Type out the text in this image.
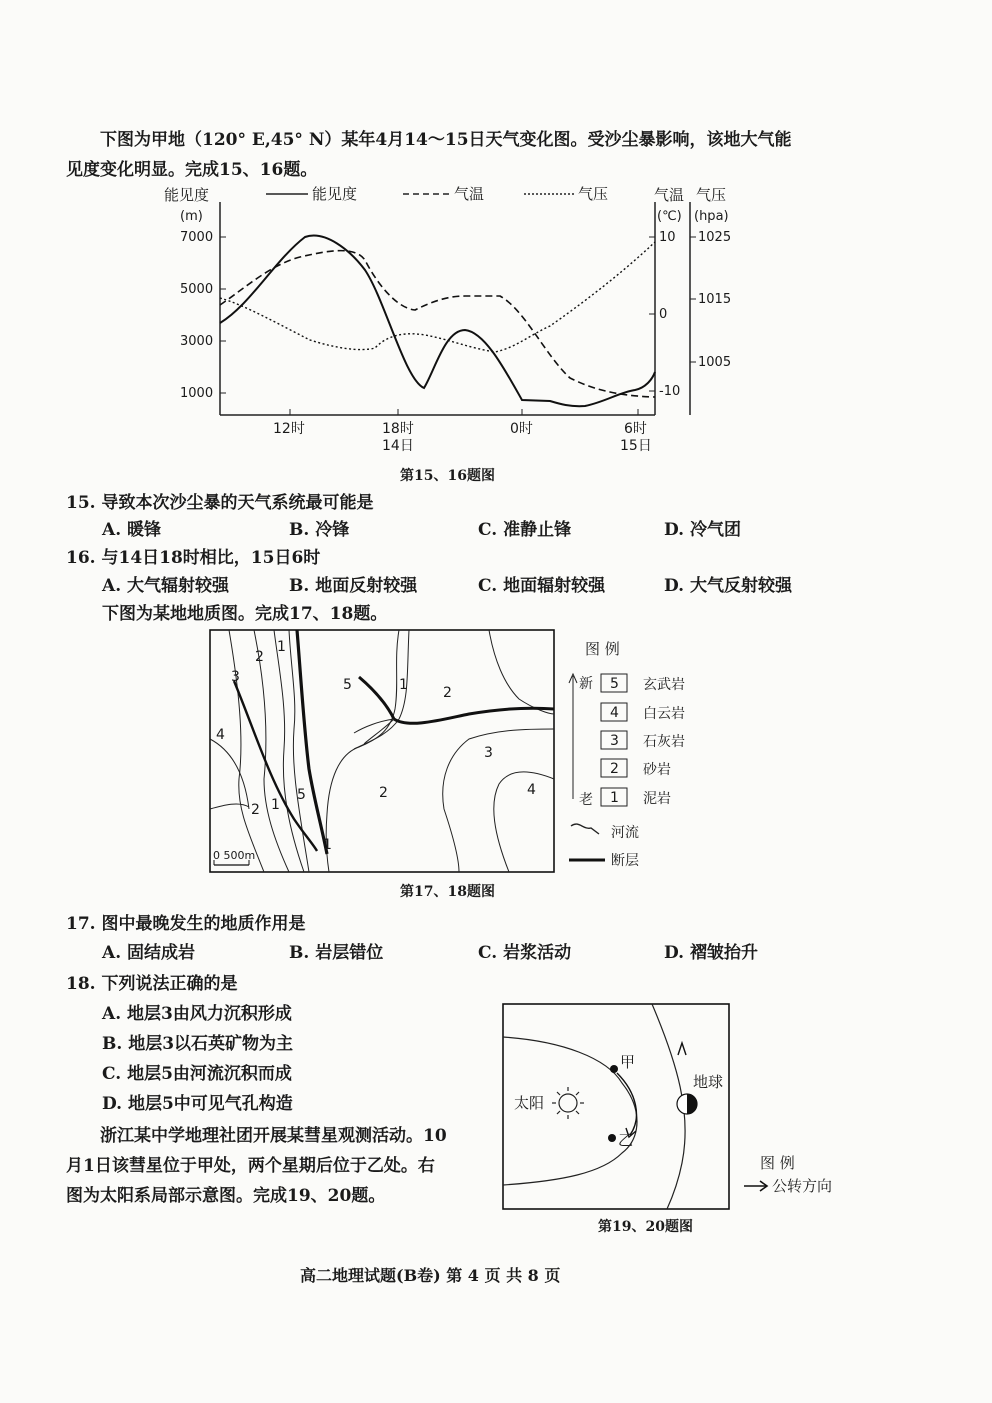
下图为甲地（120° E,45° N）某年4月14～15日天气变化图。受沙尘暴影响，该地大气能
见度变化明显。完成15、16题。
能见度
(m)
能见度	气温	气压	气温
(℃)
气压
(hpa)
7000
5000
3000
1000
10
0
-10
1025
1015
1005
12时	18时
14日
0时	6时
15日
第15、16题图
15. 导致本次沙尘暴的天气系统最可能是
A. 暖锋	B. 冷锋	C. 准静止锋	D. 冷气团
16. 与14日18时相比，15日6时
A. 大气辐射较强	B. 地面反射较强	C. 地面辐射较强	D. 大气反射较强
下图为某地地质图。完成17、18题。
3
2
1
5	1	2
4
3
4
2
1
5
2
1
0 500m
图 例
新
老
5 玄武岩
4 白云岩
3 石灰岩
2 砂岩
1 泥岩
河流
断层
第17、18题图
17. 图中最晚发生的地质作用是
A. 固结成岩	B. 岩层错位	C. 岩浆活动	D. 褶皱抬升
18. 下列说法正确的是
A. 地层3由风力沉积形成
B. 地层3以石英矿物为主
C. 地层5由河流沉积而成
D. 地层5中可见气孔构造
浙江某中学地理社团开展某彗星观测活动。10
月1日该彗星位于甲处，两个星期后位于乙处。右
图为太阳系局部示意图。完成19、20题。
甲
乙
太阳
地球
图 例
公转方向
第19、20题图
高二地理试题(B卷) 第 4 页 共 8 页
